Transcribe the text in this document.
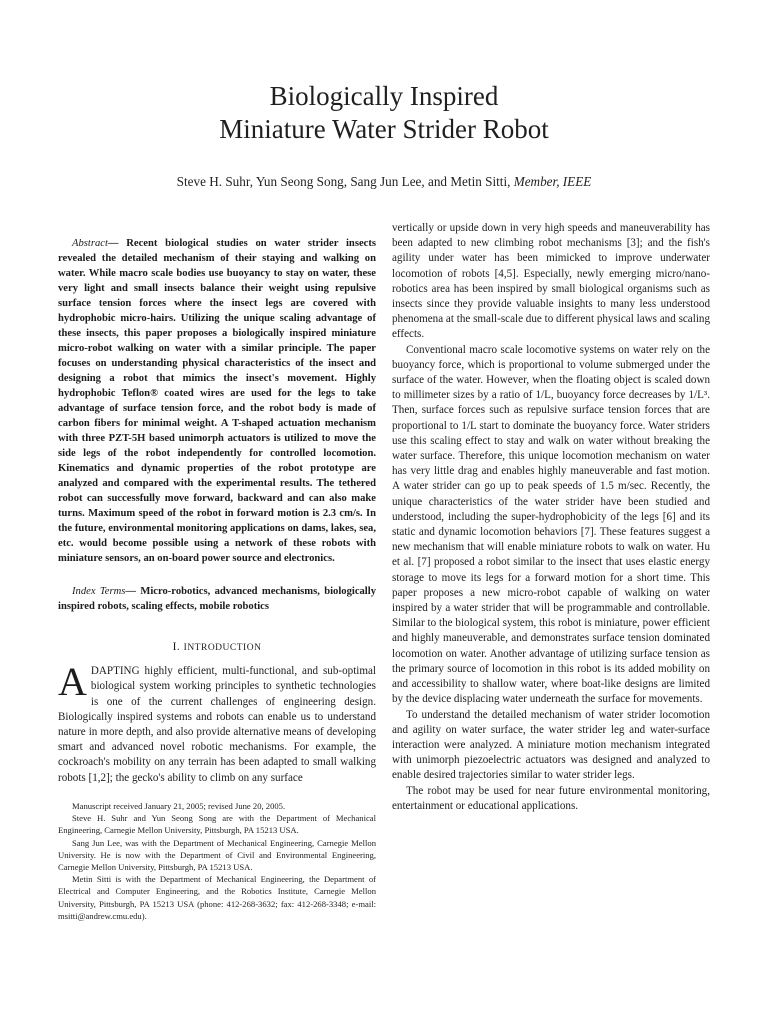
Biologically Inspired
Miniature Water Strider Robot
Steve H. Suhr, Yun Seong Song, Sang Jun Lee, and Metin Sitti, Member, IEEE

Abstract— Recent biological studies on water strider insects revealed the detailed mechanism of their staying and walking on water. While macro scale bodies use buoyancy to stay on water, these very light and small insects balance their weight using repulsive surface tension forces where the insect legs are covered with hydrophobic micro-hairs. Utilizing the unique scaling advantage of these insects, this paper proposes a biologically inspired miniature micro-robot walking on water with a similar principle. The paper focuses on understanding physical characteristics of the insect and designing a robot that mimics the insect's movement. Highly hydrophobic Teflon® coated wires are used for the legs to take advantage of surface tension force, and the robot body is made of carbon fibers for minimal weight. A T-shaped actuation mechanism with three PZT-5H based unimorph actuators is utilized to move the side legs of the robot independently for controlled locomotion. Kinematics and dynamic properties of the robot prototype are analyzed and compared with the experimental results. The tethered robot can successfully move forward, backward and can also make turns. Maximum speed of the robot in forward motion is 2.3 cm/s. In the future, environmental monitoring applications on dams, lakes, sea, etc. would become possible using a network of these robots with miniature sensors, an on-board power source and electronics.

Index Terms— Micro-robotics, advanced mechanisms, biologically inspired robots, scaling effects, mobile robotics

I. INTRODUCTION

ADAPTING highly efficient, multi-functional, and sub-optimal biological system working principles to synthetic technologies is one of the current challenges of engineering design. Biologically inspired systems and robots can enable us to understand nature in more depth, and also provide alternative means of developing smart and advanced novel robotic mechanisms. For example, the cockroach's mobility on any terrain has been adapted to small walking robots [1,2]; the gecko's ability to climb on any surface

Manuscript received January 21, 2005; revised June 20, 2005.

Steve H. Suhr and Yun Seong Song are with the Department of Mechanical Engineering, Carnegie Mellon University, Pittsburgh, PA 15213 USA.

Sang Jun Lee, was with the Department of Mechanical Engineering, Carnegie Mellon University. He is now with the Department of Civil and Environmental Engineering, Carnegie Mellon University, Pittsburgh, PA 15213 USA.

Metin Sitti is with the Department of Mechanical Engineering, the Department of Electrical and Computer Engineering, and the Robotics Institute, Carnegie Mellon University, Pittsburgh, PA 15213 USA (phone: 412-268-3632; fax: 412-268-3348; e-mail: msitti@andrew.cmu.edu).

vertically or upside down in very high speeds and maneuverability has been adapted to new climbing robot mechanisms [3]; and the fish's agility under water has been mimicked to improve underwater locomotion of robots [4,5]. Especially, newly emerging micro/nano-robotics area has been inspired by small biological organisms such as insects since they provide valuable insights to many less understood phenomena at the small-scale due to different physical laws and scaling effects.

Conventional macro scale locomotive systems on water rely on the buoyancy force, which is proportional to volume submerged under the surface of the water. However, when the floating object is scaled down to millimeter sizes by a ratio of 1/L, buoyancy force decreases by 1/L³. Then, surface forces such as repulsive surface tension forces that are proportional to 1/L start to dominate the buoyancy force. Water striders use this scaling effect to stay and walk on water without breaking the water surface. Therefore, this unique locomotion mechanism on water has very little drag and enables highly maneuverable and fast motion. A water strider can go up to peak speeds of 1.5 m/sec. Recently, the unique characteristics of the water strider have been studied and understood, including the super-hydrophobicity of the legs [6] and its static and dynamic locomotion behaviors [7]. These features suggest a new mechanism that will enable miniature robots to walk on water. Hu et al. [7] proposed a robot similar to the insect that uses elastic energy storage to move its legs for a forward motion for a short time. This paper proposes a new micro-robot capable of walking on water inspired by a water strider that will be programmable and controllable. Similar to the biological system, this robot is miniature, power efficient and highly maneuverable, and demonstrates surface tension dominated locomotion on water. Another advantage of utilizing surface tension as the primary source of locomotion in this robot is its added mobility on and accessibility to shallow water, where boat-like designs are limited by the device displacing water underneath the surface for movements.

To understand the detailed mechanism of water strider locomotion and agility on water surface, the water strider leg and water-surface interaction were analyzed. A miniature motion mechanism integrated with unimorph piezoelectric actuators was designed and analyzed to enable desired trajectories similar to water strider legs.

The robot may be used for near future environmental monitoring, entertainment or educational applications.
